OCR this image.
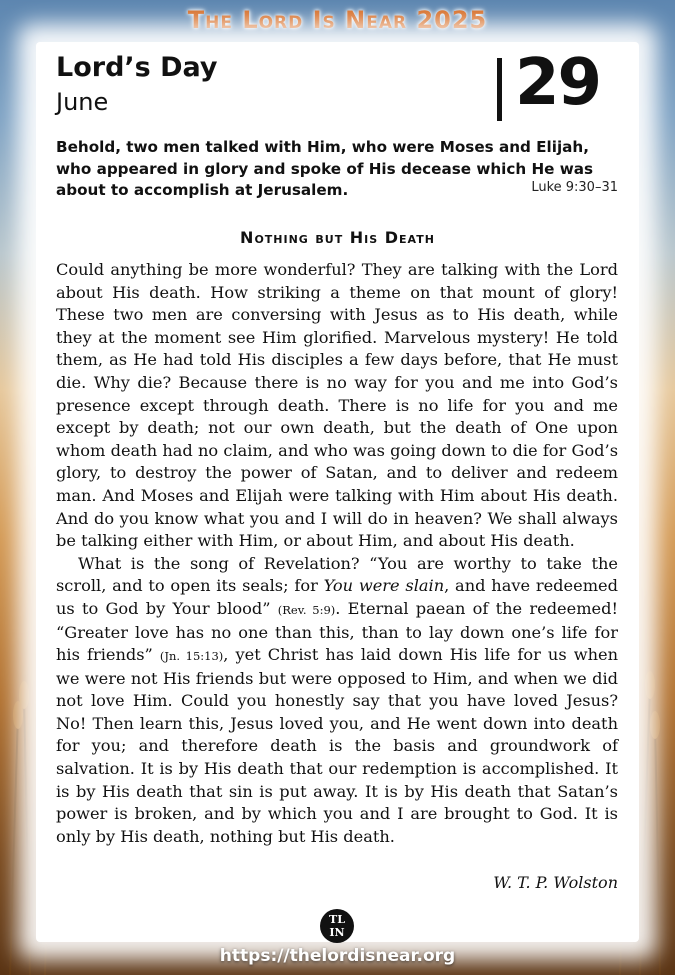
The Lord Is Near 2025
Lord’s Day
June	29
Behold, two men talked with Him, who were Moses and Elijah, who appeared in glory and spoke of His decease which He was about to accomplish at Jerusalem.	Luke 9:30–31
Nothing but His Death

Could anything be more wonderful? They are talking with the Lord about His death. How striking a theme on that mount of glory! These two men are conversing with Jesus as to His death, while they at the moment see Him glorified. Marvelous mystery! He told them, as He had told His disciples a few days before, that He must die. Why die? Because there is no way for you and me into God’s presence except through death. There is no life for you and me except by death; not our own death, but the death of One upon whom death had no claim, and who was going down to die for God’s glory, to destroy the power of Satan, and to deliver and redeem man. And Moses and Elijah were talking with Him about His death. And do you know what you and I will do in heaven? We shall always be talking either with Him, or about Him, and about His death.

What is the song of Revelation? “You are worthy to take the scroll, and to open its seals; for You were slain, and have redeemed us to God by Your blood” (Rev. 5:9). Eternal paean of the redeemed! “Greater love has no one than this, than to lay down one’s life for his friends” (Jn. 15:13), yet Christ has laid down His life for us when we were not His friends but were opposed to Him, and when we did not love Him. Could you honestly say that you have loved Jesus? No! Then learn this, Jesus loved you, and He went down into death for you; and therefore death is the basis and groundwork of salvation. It is by His death that our redemption is accomplished. It is by His death that sin is put away. It is by His death that Satan’s power is broken, and by which you and I are brought to God. It is only by His death, nothing but His death.

W. T. P. Wolston
TL
IN
https://thelordisnear.org
